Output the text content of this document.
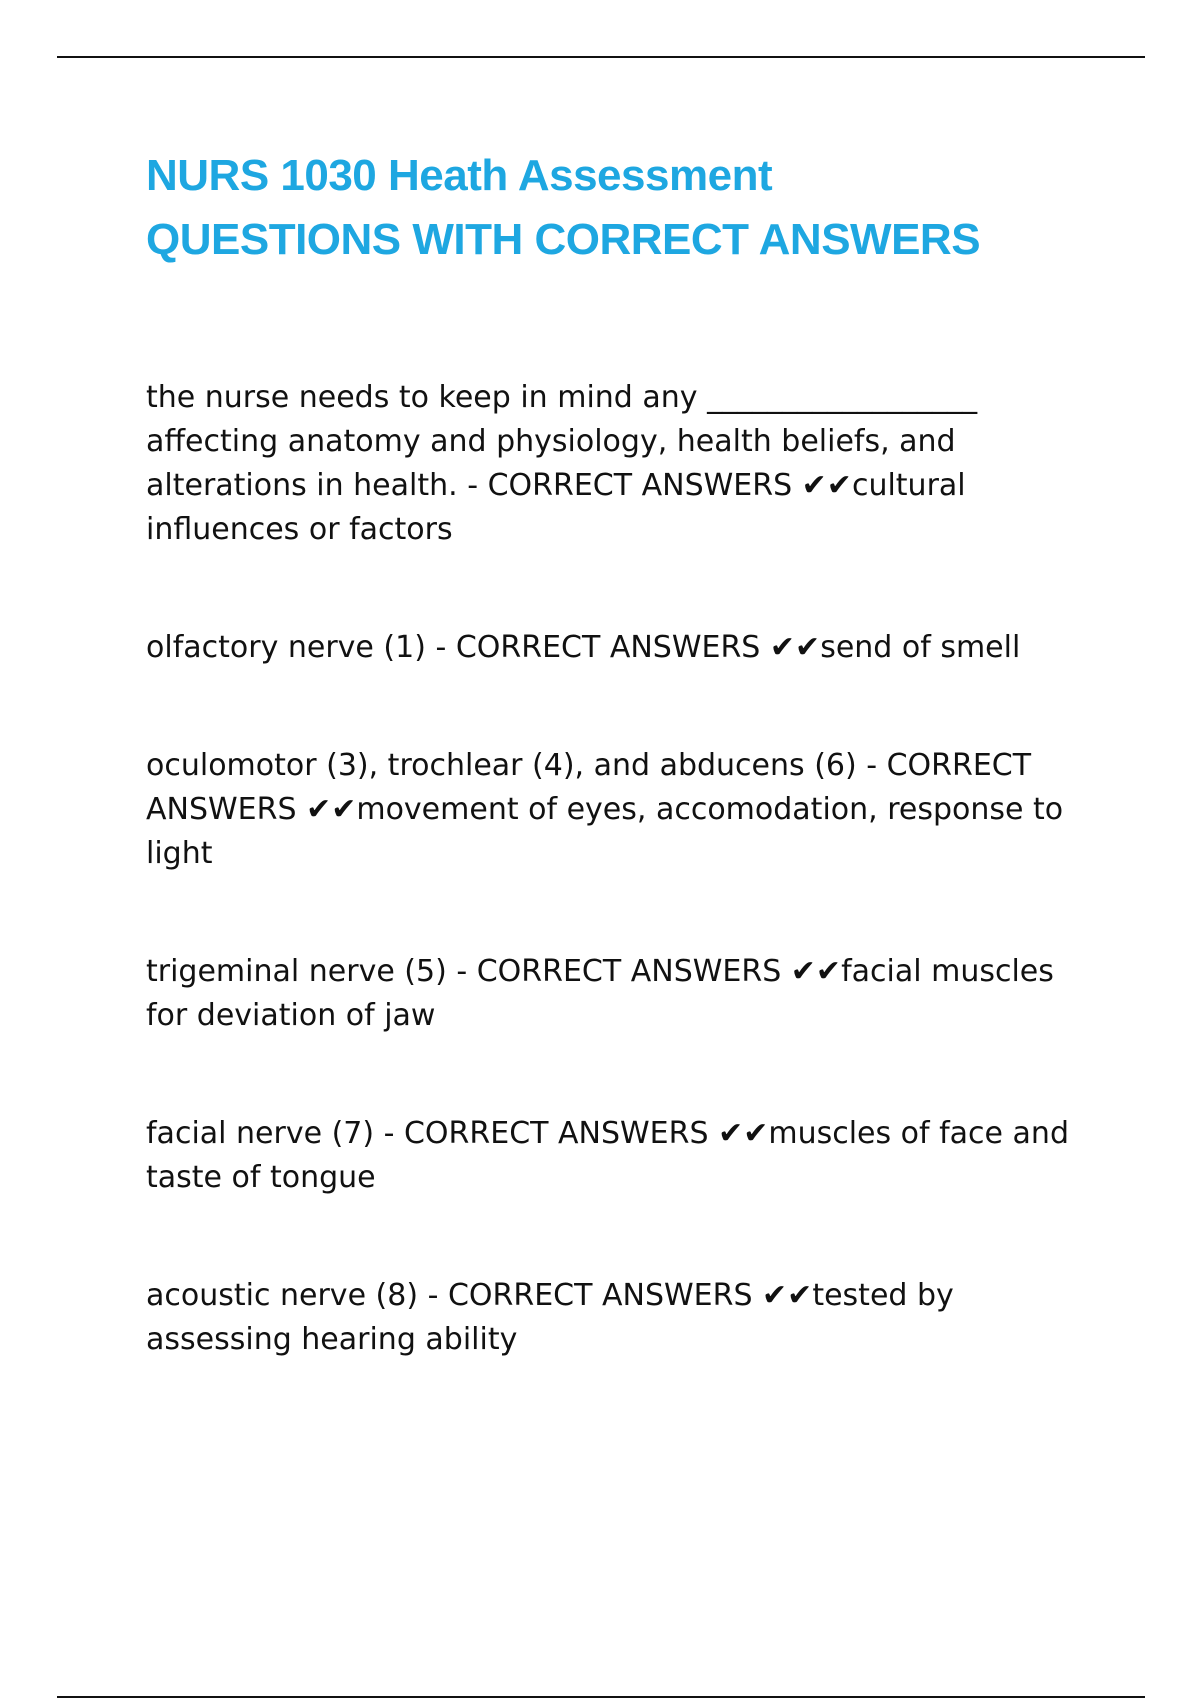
NURS 1030 Heath Assessment
QUESTIONS WITH CORRECT ANSWERS

the nurse needs to keep in mind any __________________ affecting anatomy and physiology, health beliefs, and alterations in health. - CORRECT ANSWERS ✔✔cultural influences or factors

olfactory nerve (1) - CORRECT ANSWERS ✔✔send of smell

oculomotor (3), trochlear (4), and abducens (6) - CORRECT ANSWERS ✔✔movement of eyes, accomodation, response to light

trigeminal nerve (5) - CORRECT ANSWERS ✔✔facial muscles for deviation of jaw

facial nerve (7) - CORRECT ANSWERS ✔✔muscles of face and taste of tongue

acoustic nerve (8) - CORRECT ANSWERS ✔✔tested by assessing hearing ability
